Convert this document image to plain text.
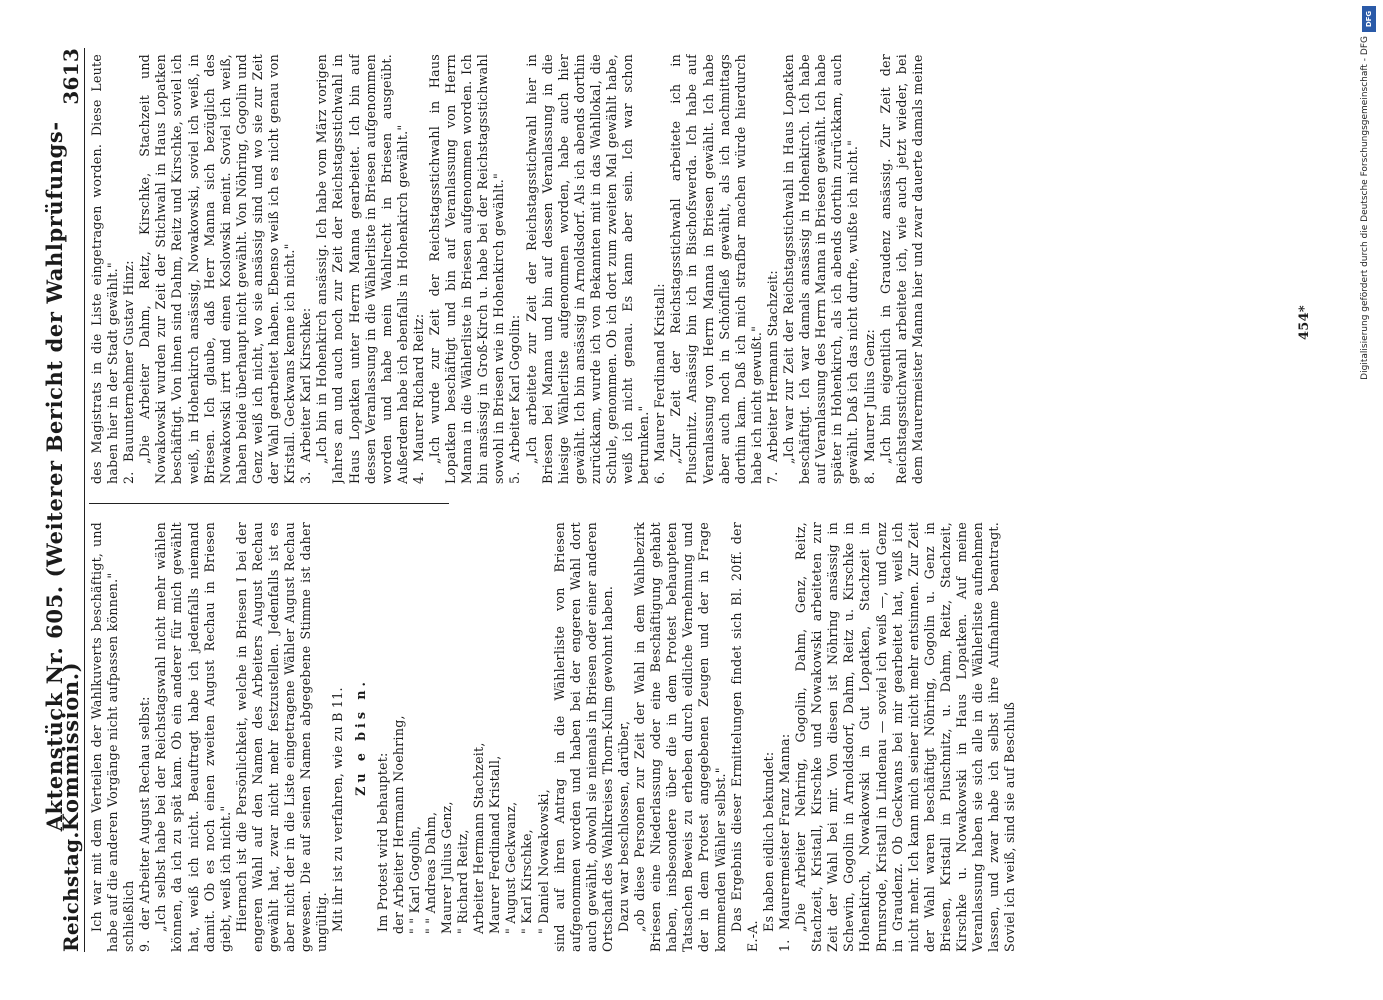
DFG
Digitalisierung gefördert durch die Deutsche Forschungsgemeinschaft - DFG
Reichstag.
Aktenstück Nr. 605. (Weiterer Bericht der Wahlprüfungs-Kommission.)
3613

Ich war mit dem Verteilen der Wahlkuverts beschäftigt, und habe auf die anderen Vorgänge nicht aufpassen können." schließlich 9.
der Arbeiter August Rechau selbst: „Ich selbst habe bei der Reichstagswahl nicht mehr wählen können, da ich zu spät kam. Ob ein anderer für mich gewählt hat, weiß ich nicht. Beauftragt habe ich jedenfalls niemand damit. Ob es noch einen zweiten August Rechau in Briesen giebt, weiß ich nicht." Hiernach ist die Persönlichkeit, welche in Briesen I bei der engeren Wahl auf den Namen des Arbeiters August Rechau gewählt hat, zwar nicht mehr festzustellen. Jedenfalls ist es aber nicht der in die Liste eingetragene Wähler August Rechau gewesen. Die auf seinen Namen abgegebene Stimme ist daher ungültig. Mit ihr ist zu verfahren, wie zu B 11. Zu e bis n.

Im Protest wird behauptet: der Arbeiter Hermann Noehring, " " Karl Gogolin, " " Andreas Dahm, Maurer Julius Genz, " Richard Reitz, Arbeiter Hermann Stachzeit, Maurer Ferdinand Kristall, " August Geckwanz, " Karl Kirschke, " Daniel Nowakowski, sind auf ihren Antrag in die Wählerliste von Briesen aufgenommen worden und haben bei der engeren Wahl dort auch gewählt, obwohl sie niemals in Briesen oder einer anderen Ortschaft des Wahlkreises Thorn-Kulm gewohnt haben. Dazu war beschlossen, darüber, „ob diese Personen zur Zeit der Wahl in dem Wahlbezirk Briesen eine Niederlassung oder eine Beschäftigung gehabt haben, insbesondere über die in dem Protest behaupteten Tatsachen Beweis zu erheben durch eidliche Vernehmung und der in dem Protest angegebenen Zeugen und der in Frage kommenden Wähler selbst." Das Ergebnis dieser Ermittelungen findet sich Bl. 20ff. der E.-A.

Es haben eidlich bekundet:

1.
Maurermeister Franz Manna: „Die Arbeiter Nehring, Gogolin, Dahm, Genz, Reitz, Stachzeit, Kristall, Kirschke und Nowakowski arbeiteten zur Zeit der Wahl bei mir. Von diesen ist Nöhring ansässig in Schewin, Gogolin in Arnoldsdorf, Dahm, Reitz u. Kirschke in Hohenkirch, Nowakowski in Gut Lopatken, Stachzeit in Brunsrode, Kristall in Lindenau — soviel ich weiß —, und Genz in Graudenz. Ob Geckwans bei mir gearbeitet hat, weiß ich nicht mehr. Ich kann mich seiner nicht mehr entsinnen. Zur Zeit der Wahl waren beschäftigt Nöhring, Gogolin u. Genz in Briesen, Kristall in Pluschnitz, u. Dahm, Reitz, Stachzeit, Kirschke u. Nowakowski in Haus Lopatken. Auf meine Veranlassung haben sie sich alle in die Wählerliste aufnehmen lassen, und zwar habe ich selbst ihre Aufnahme beantragt. Soviel ich weiß, sind sie auf Beschluß

des Magistrats in die Liste eingetragen worden. Diese Leute haben hier in der Stadt gewählt." 2.
Bauunternehmer Gustav Hinz: „Die Arbeiter Dahm, Reitz, Kirschke, Stachzeit und Nowakowski wurden zur Zeit der Stichwahl in Haus Lopatken beschäftigt. Von ihnen sind Dahm, Reitz und Kirschke, soviel ich weiß, in Hohenkirch ansässig, Nowakowski, soviel ich weiß, in Briesen. Ich glaube, daß Herr Manna sich bezüglich des Nowakowski irrt und einen Koslowski meint. Soviel ich weiß, haben beide überhaupt nicht gewählt. Von Nöhring, Gogolin und Genz weiß ich nicht, wo sie ansässig sind und wo sie zur Zeit der Wahl gearbeitet haben. Ebenso weiß ich es nicht genau von Kristall. Geckwans kenne ich nicht." 3.
Arbeiter Karl Kirschke: „Ich bin in Hohenkirch ansässig. Ich habe vom März vorigen Jahres an und auch noch zur Zeit der Reichstagsstichwahl in Haus Lopatken unter Herrn Manna gearbeitet. Ich bin auf dessen Veranlassung in die Wählerliste in Briesen aufgenommen worden und habe mein Wahlrecht in Briesen ausgeübt. Außerdem habe ich ebenfalls in Hohenkirch gewählt." 4.
Maurer Richard Reitz: „Ich wurde zur Zeit der Reichstagsstichwahl in Haus Lopatken beschäftigt und bin auf Veranlassung von Herrn Manna in die Wählerliste in Briesen aufgenommen worden. Ich bin ansässig in Groß-Kirch u. habe bei der Reichstagsstichwahl sowohl in Briesen wie in Hohenkirch gewählt." 5.
Arbeiter Karl Gogolin: „Ich arbeitete zur Zeit der Reichstagsstichwahl hier in Briesen bei Manna und bin auf dessen Veranlassung in die hiesige Wählerliste aufgenommen worden, habe auch hier gewählt. Ich bin ansässig in Arnoldsdorf. Als ich abends dorthin zurückkam, wurde ich von Bekannten mit in das Wahllokal, die Schule, genommen. Ob ich dort zum zweiten Mal gewählt habe, weiß ich nicht genau. Es kann aber sein. Ich war schon betrunken." 6.
Maurer Ferdinand Kristall: „Zur Zeit der Reichstagsstichwahl arbeitete ich in Pluschnitz. Ansässig bin ich in Bischofswerda. Ich habe auf Veranlassung von Herrn Manna in Briesen gewählt. Ich habe aber auch noch in Schönfließ gewählt, als ich nachmittags dorthin kam. Daß ich mich strafbar machen würde hierdurch habe ich nicht gewußt." 7.
Arbeiter Hermann Stachzeit: „Ich war zur Zeit der Reichstagsstichwahl in Haus Lopatken beschäftigt. Ich war damals ansässig in Hohenkirch. Ich habe auf Veranlassung des Herrn Manna in Briesen gewählt. Ich habe später in Hohenkirch, als ich abends dorthin zurückkam, auch gewählt. Daß ich das nicht durfte, wußte ich nicht." 8.
Maurer Julius Genz: „Ich bin eigentlich in Graudenz ansässig. Zur Zeit der Reichstagsstichwahl arbeitete ich, wie auch jetzt wieder, bei dem Maurermeister Manna hier und zwar dauerte damals meine	454*
